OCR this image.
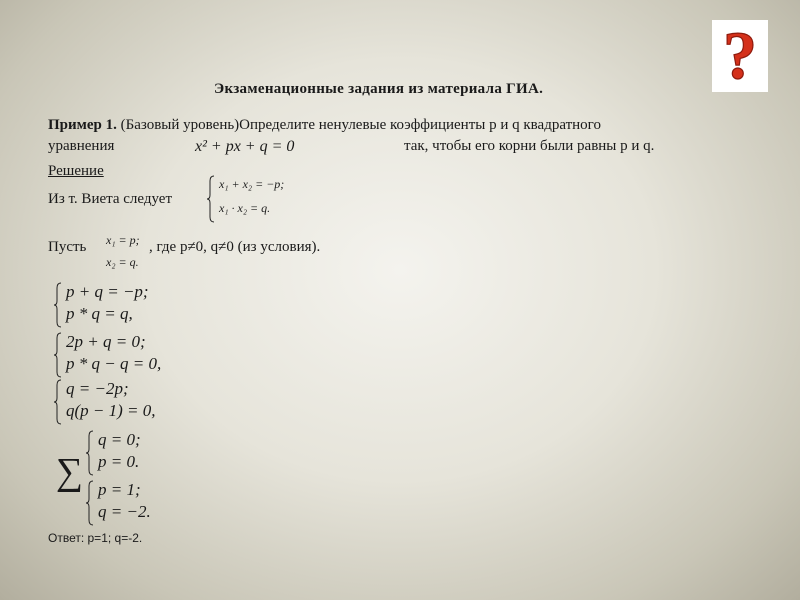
?
Экзаменационные задания из материала ГИА.
Пример 1. (Базовый уровень)Определите ненулевые коэффициенты p и q квадратного
уравнения	x² + px + q = 0	так, чтобы его корни были равны p и q.
Решение
Из т. Виета следует
x₁ + x₂ = −p;
x₁ · x₂ = q.
Пусть x₁ = p;
x₂ = q.
, где p≠0, q≠0 (из условия).
p + q = −p;
p * q = q,
2p + q = 0;
p * q − q = 0,
q = −2p;
q(p − 1) = 0,
∑
q = 0;
p = 0.
p = 1;
q = −2.
Ответ: p=1; q=-2.
